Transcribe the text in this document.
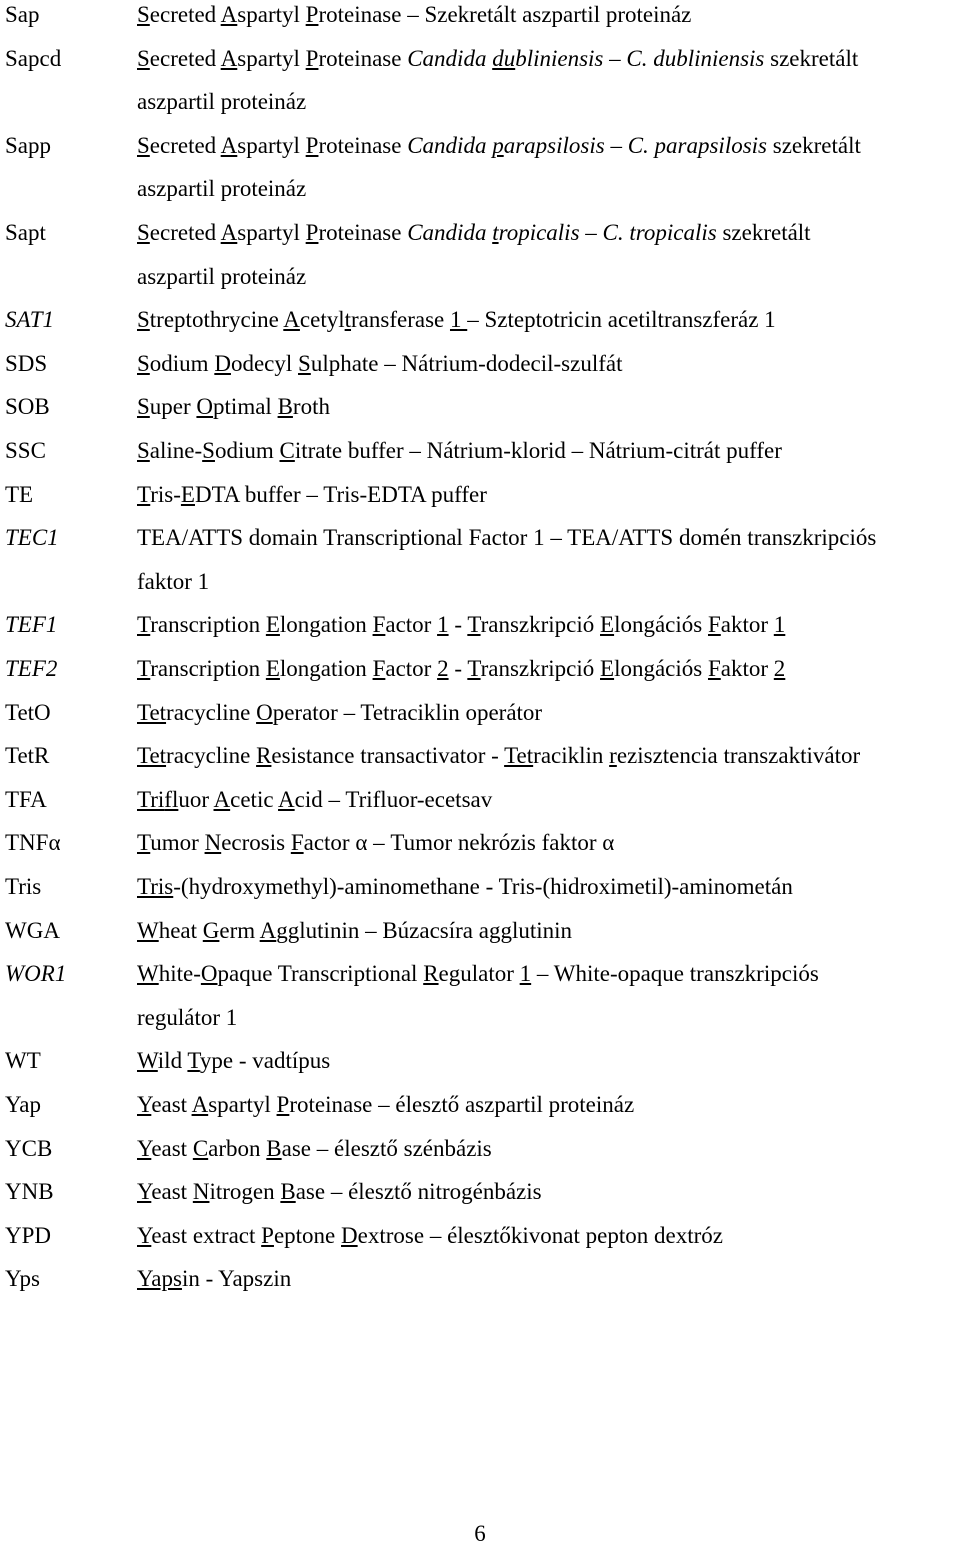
Sap	Secreted Aspartyl Proteinase – Szekretált aszpartil proteináz
Sapcd	Secreted Aspartyl Proteinase Candida dubliniensis – C. dubliniensis szekretált
aszpartil proteináz
Sapp	Secreted Aspartyl Proteinase Candida parapsilosis – C. parapsilosis szekretált
aszpartil proteináz
Sapt	Secreted Aspartyl Proteinase Candida tropicalis – C. tropicalis szekretált
aszpartil proteináz
SAT1	Streptothrycine Acetyltransferase 1 – Szteptotricin acetiltranszferáz 1
SDS	Sodium Dodecyl Sulphate – Nátrium-dodecil-szulfát
SOB	Super Optimal Broth
SSC	Saline-Sodium Citrate buffer – Nátrium-klorid – Nátrium-citrát puffer
TE	Tris-EDTA buffer – Tris-EDTA puffer
TEC1	TEA/ATTS domain Transcriptional Factor 1 – TEA/ATTS domén transzkripciós
faktor 1
TEF1	Transcription Elongation Factor 1 - Transzkripció Elongációs Faktor 1
TEF2	Transcription Elongation Factor 2 - Transzkripció Elongációs Faktor 2
TetO	Tetracycline Operator – Tetraciklin operátor
TetR	Tetracycline Resistance transactivator - Tetraciklin rezisztencia transzaktivátor
TFA	Trifluor Acetic Acid – Trifluor-ecetsav
TNFα	Tumor Necrosis Factor α – Tumor nekrózis faktor α
Tris	Tris-(hydroxymethyl)-aminomethane - Tris-(hidroximetil)-aminometán
WGA	Wheat Germ Agglutinin – Búzacsíra agglutinin
WOR1	White-Opaque Transcriptional Regulator 1 – White-opaque transzkripciós
regulátor 1
WT	Wild Type - vadtípus
Yap	Yeast Aspartyl Proteinase – élesztő aszpartil proteináz
YCB	Yeast Carbon Base – élesztő szénbázis
YNB	Yeast Nitrogen Base – élesztő nitrogénbázis
YPD	Yeast extract Peptone Dextrose – élesztőkivonat pepton dextróz
Yps	Yapsin - Yapszin
6
